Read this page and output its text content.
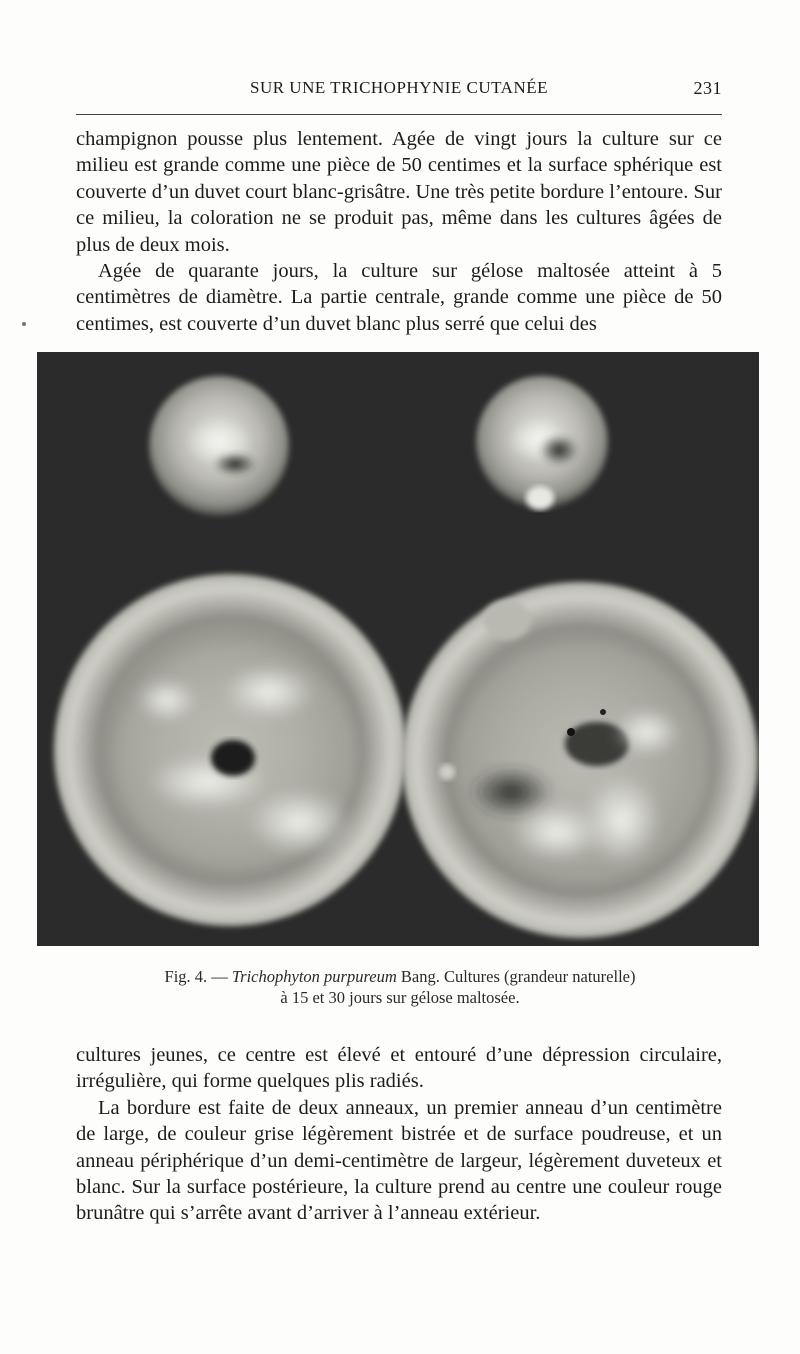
SUR UNE TRICHOPHYNIE CUTANÉE	231

champignon pousse plus lentement. Agée de vingt jours la culture sur ce milieu est grande comme une pièce de 50 centimes et la surface sphérique est couverte d’un duvet court blanc-grisâtre. Une très petite bordure l’entoure. Sur ce milieu, la coloration ne se produit pas, même dans les cultures âgées de plus de deux mois.

Agée de quarante jours, la culture sur gélose maltosée atteint à 5 centimètres de diamètre. La partie centrale, grande comme une pièce de 50 centimes, est couverte d’un duvet blanc plus serré que celui des

Fig. 4. — Trichophyton purpureum Bang. Cultures (grandeur naturelle)
à 15 et 30 jours sur gélose maltosée.

cultures jeunes, ce centre est élevé et entouré d’une dépression circulaire, irrégulière, qui forme quelques plis radiés.

La bordure est faite de deux anneaux, un premier anneau d’un centimètre de large, de couleur grise légèrement bistrée et de surface poudreuse, et un anneau périphérique d’un demi-centimètre de largeur, légèrement duveteux et blanc. Sur la surface postérieure, la culture prend au centre une couleur rouge brunâtre qui s’arrête avant d’arriver à l’anneau extérieur.
